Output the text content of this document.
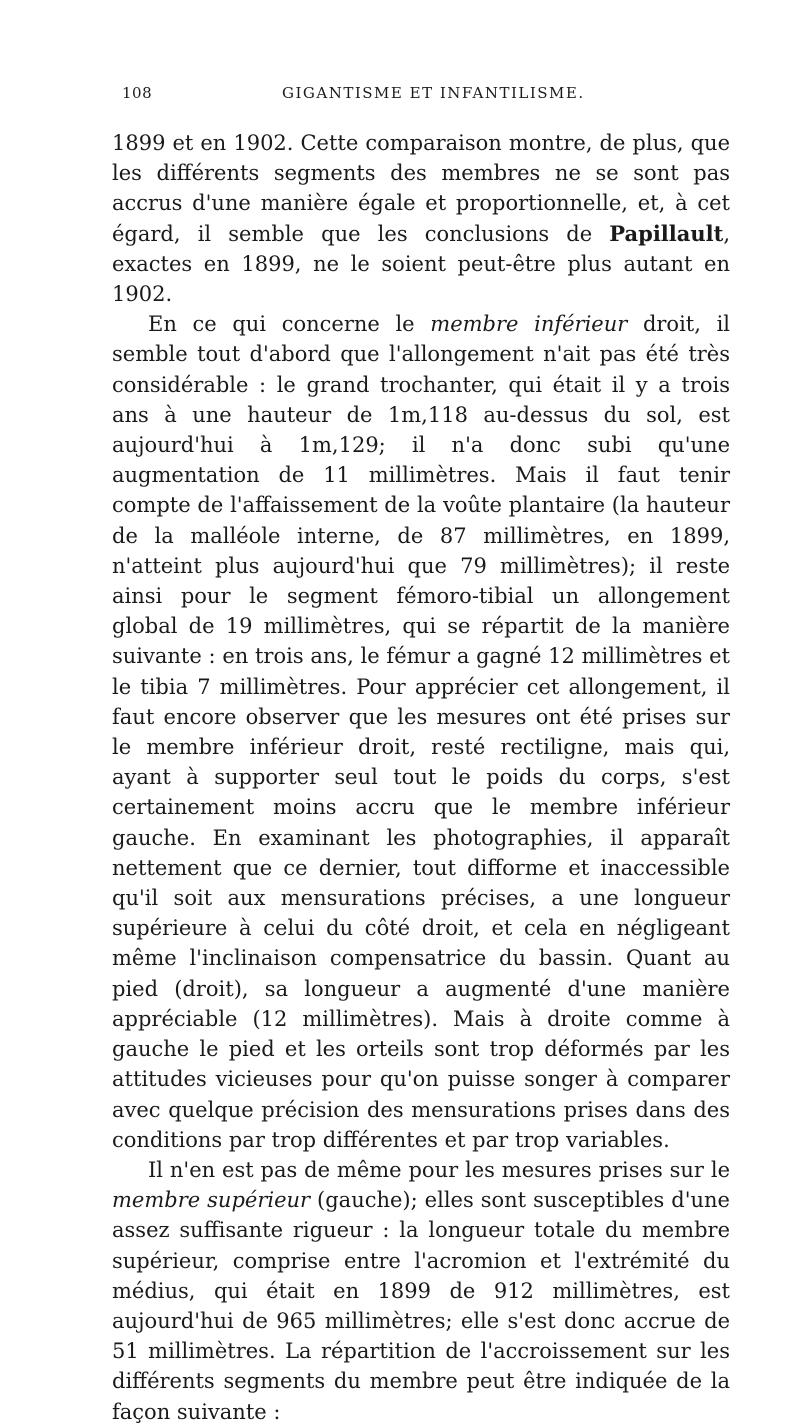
108	GIGANTISME ET INFANTILISME.

1899 et en 1902. Cette comparaison montre, de plus, que les différents segments des membres ne se sont pas accrus d'une manière égale et proportionnelle, et, à cet égard, il semble que les conclusions de Papillault, exactes en 1899, ne le soient peut-être plus autant en 1902.

En ce qui concerne le membre inférieur droit, il semble tout d'abord que l'allongement n'ait pas été très considérable : le grand trochanter, qui était il y a trois ans à une hauteur de 1m,118 au-dessus du sol, est aujourd'hui à 1m,129; il n'a donc subi qu'une augmentation de 11 millimètres. Mais il faut tenir compte de l'affaissement de la voûte plantaire (la hauteur de la malléole interne, de 87 millimètres, en 1899, n'atteint plus aujourd'hui que 79 millimètres); il reste ainsi pour le segment fémoro-tibial un allongement global de 19 millimètres, qui se répartit de la manière suivante : en trois ans, le fémur a gagné 12 millimètres et le tibia 7 millimètres. Pour apprécier cet allongement, il faut encore observer que les mesures ont été prises sur le membre inférieur droit, resté rectiligne, mais qui, ayant à supporter seul tout le poids du corps, s'est certainement moins accru que le membre inférieur gauche. En examinant les photographies, il apparaît nettement que ce dernier, tout difforme et inaccessible qu'il soit aux mensurations précises, a une longueur supérieure à celui du côté droit, et cela en négligeant même l'inclinaison compensatrice du bassin. Quant au pied (droit), sa longueur a augmenté d'une manière appréciable (12 millimètres). Mais à droite comme à gauche le pied et les orteils sont trop déformés par les attitudes vicieuses pour qu'on puisse songer à comparer avec quelque précision des mensurations prises dans des conditions par trop différentes et par trop variables.

Il n'en est pas de même pour les mesures prises sur le membre supérieur (gauche); elles sont susceptibles d'une assez suffisante rigueur : la longueur totale du membre supérieur, comprise entre l'acromion et l'extrémité du médius, qui était en 1899 de 912 millimètres, est aujourd'hui de 965 millimètres; elle s'est donc accrue de 51 millimètres. La répartition de l'accroissement sur les différents segments du membre peut être indiquée de la façon suivante :
